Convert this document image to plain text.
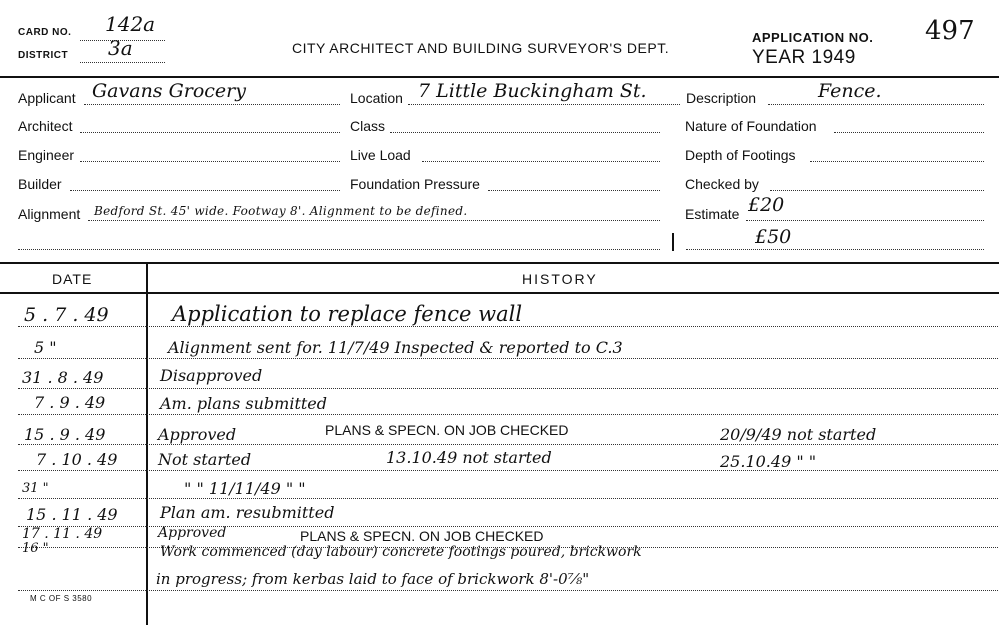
CARD NO. 142a
DISTRICT 3a	CITY ARCHITECT AND BUILDING SURVEYOR'S DEPT.
APPLICATION NO. 497
YEAR 1949
Applicant Gavans Grocery
Architect
Engineer
Builder
Alignment Bedford St. 45' wide. Footway 8'. Alignment to be defined.
Location 7 Little Buckingham St.
Class
Live Load
Foundation Pressure
Description	Fence.
Nature of Foundation
Depth of Footings
Checked by
Estimate £20
£50
DATE	HISTORY
5 . 7 . 49	Application to replace fence wall
5 "	Alignment sent for. 11/7/49 Inspected & reported to C.3
31 . 8 . 49	Disapproved
7 . 9 . 49	Am. plans submitted
15 . 9 . 49	Approved	PLANS & SPECN. ON JOB CHECKED	20/9/49 not started
7 . 10 . 49	Not started	13.10.49 not started	25.10.49 " "
31 "	" " 11/11/49 " "
15 . 11 . 49	Plan am. resubmitted
17 . 11 . 49	Approved	PLANS & SPECN. ON JOB CHECKED
16 "	Work commenced (day labour) concrete footings poured, brickwork
in progress; from kerbas laid to face of brickwork 8'-0⅞"
M C OF S 3580
